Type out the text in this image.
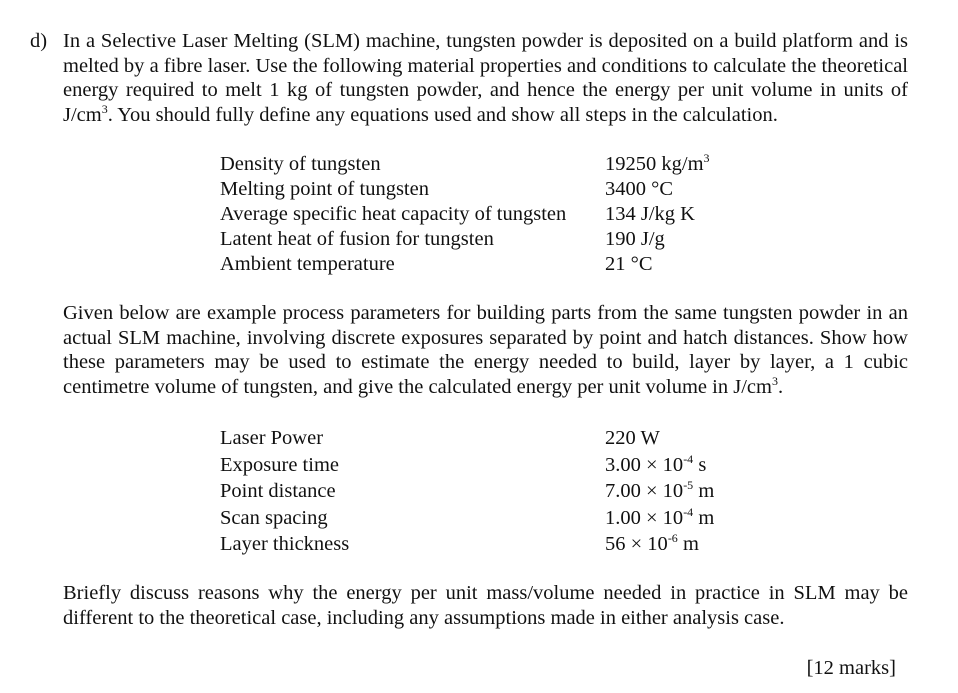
d) In a Selective Laser Melting (SLM) machine, tungsten powder is deposited on a build platform and is melted by a fibre laser. Use the following material properties and conditions to calculate the theoretical energy required to melt 1 kg of tungsten powder, and hence the energy per unit volume in units of $J/cm^3$. You should fully define any equations used and show all steps in the calculation.
Density of tungsten	19250 $kg/m^3$
Melting point of tungsten	3400 °C
Average specific heat capacity of tungsten	134 J/kg K
Latent heat of fusion for tungsten	190 J/g
Ambient temperature	21 °C
Given below are example process parameters for building parts from the same tungsten powder in an actual SLM machine, involving discrete exposures separated by point and hatch distances. Show how these parameters may be used to estimate the energy needed to build, layer by layer, a 1 cubic centimetre volume of tungsten, and give the calculated energy per unit volume in $J/cm^3$.
Laser Power	220 W
Exposure time	$3.00 \times 10^{-4}$ s
Point distance	$7.00 \times 10^{-5}$ m
Scan spacing	$1.00 \times 10^{-4}$ m
Layer thickness	$56 \times 10^{-6}$ m
Briefly discuss reasons why the energy per unit mass/volume needed in practice in SLM may be different to the theoretical case, including any assumptions made in either analysis case.
[12 marks]
